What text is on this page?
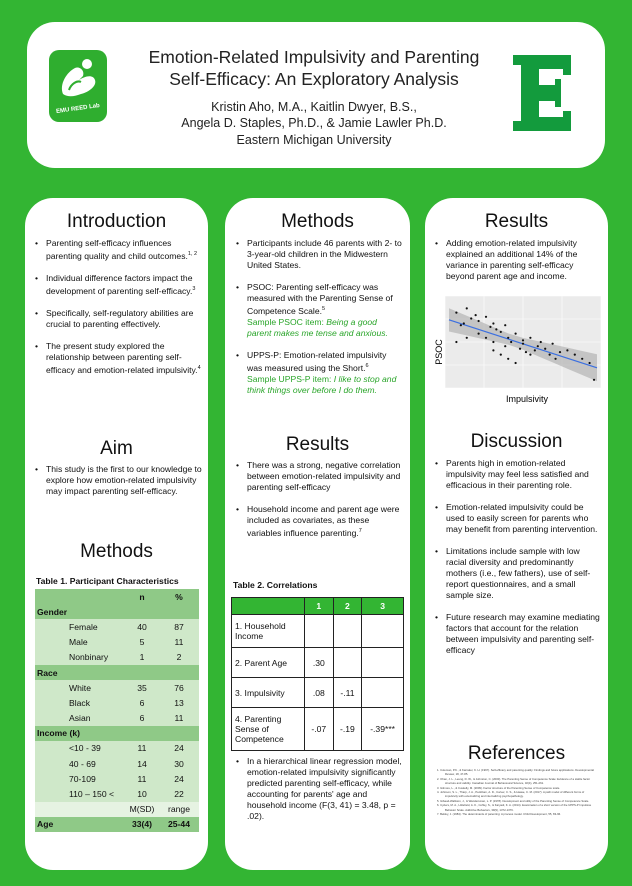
EMU REED Lab
Emotion-Related Impulsivity and Parenting
Self-Efficacy: An Exploratory Analysis
Kristin Aho, M.A., Kaitlin Dwyer, B.S.,
Angela D. Staples, Ph.D., & Jamie Lawler Ph.D.
Eastern Michigan University
Introduction
• Parenting self-efficacy influences parenting quality and child outcomes.$^{1, 2}$
• Individual difference factors impact the development of parenting self-efficacy.$^3$
• Specifically, self-regulatory abilities are crucial to parenting effectively.
• The present study explored the relationship between parenting self-efficacy and emotion-related impulsivity.$^4$
Aim
• This study is the first to our knowledge to explore how emotion-related impulsivity may impact parenting self-efficacy.
Methods
Table 1. Participant Characteristics
	n	%
Gender		
Female	40	87
Male	5	11
Nonbinary	1	2
Race		
White	35	76
Black	6	13
Asian	6	11
Income (k)		
<10 - 39	11	24
40 - 69	14	30
70-109	11	24
110 – 150 <	10	22
	M(SD)	range
Age	33(4)	25-44
Methods
• Participants include 46 parents with 2- to 3-year-old children in the Midwestern United States.
• PSOC: Parenting self-efficacy was measured with the Parenting Sense of Competence Scale.$^5$
Sample PSOC item: Being a good parent makes me tense and anxious.
• UPPS-P: Emotion-related impulsivity was measured using the Short.$^6$
Sample UPPS-P item: I like to stop and think things over before I do them.
Results
• There was a strong, negative correlation between emotion-related impulsivity and parenting self-efficacy
• Household income and parent age were included as covariates, as these variables influence parenting.$^7$
Table 2. Correlations
	1	2	3
1. Household Income			
2. Parent Age	.30		
3. Impulsivity	.08	-.11	
4. Parenting Sense of Competence	-.07	-.19	-.39***
• In a hierarchical linear regression model, emotion-related impulsivity significantly predicted parenting self-efficacy, while accounting for parents' age and household income (F(3, 41) = 3.48, p = .02).
Results
• Adding emotion-related impulsivity explained an additional 14% of the variance in parenting self-efficacy beyond parent age and income.
PSOC
Impulsivity
Discussion
• Parents high in emotion-related impulsivity may feel less satisfied and efficacious in their parenting role.
• Emotion-related impulsivity could be used to easily screen for parents who may benefit from parenting intervention.
• Limitations include sample with low racial diversity and predominantly mothers (i.e., few fathers), use of self-report questionnaires, and a small sample size.
• Future research may examine mediating factors that account for the relation between impulsivity and parenting self-efficacy
References
1. Coleman, P.K., & Karraker, K. H. (1997). Self-efficacy and parenting quality: Findings and future applications. Developmental Review, 18, 47-85.
2. Ohan, J. L., Leung, D. W., & Johnston, C. (2000). The Parenting Sense of Competence Scale: Evidence of a stable factor structure and validity. Canadian Journal of Behavioural Science, 32(4), 251-261.
3. Gilmore, L., & Cuskelly, M. (2009). Factor structure of the Parenting Sense of Competence scale.
4. Johnson, S. L., Tharp, J. A., Peckham, A. D., Carver, C. S., & Haase, C. M. (2017). A path model of different forms of impulsivity with externalizing and internalizing psychopathology.
5. Gibaud-Wallston, J., & Wandersman, L. P. (1978). Development and utility of the Parenting Sense of Competence Scale.
6. Cyders, M. A., Littlefield, A. K., Coffey, S., & Karyadi, K. A. (2014). Examination of a short version of the UPPS-P Impulsive Behavior Scale. Addictive Behaviors, 39(9), 1372-1376.
7. Belsky, J. (1984). The determinants of parenting: A process model. Child Development, 55, 83-96.
